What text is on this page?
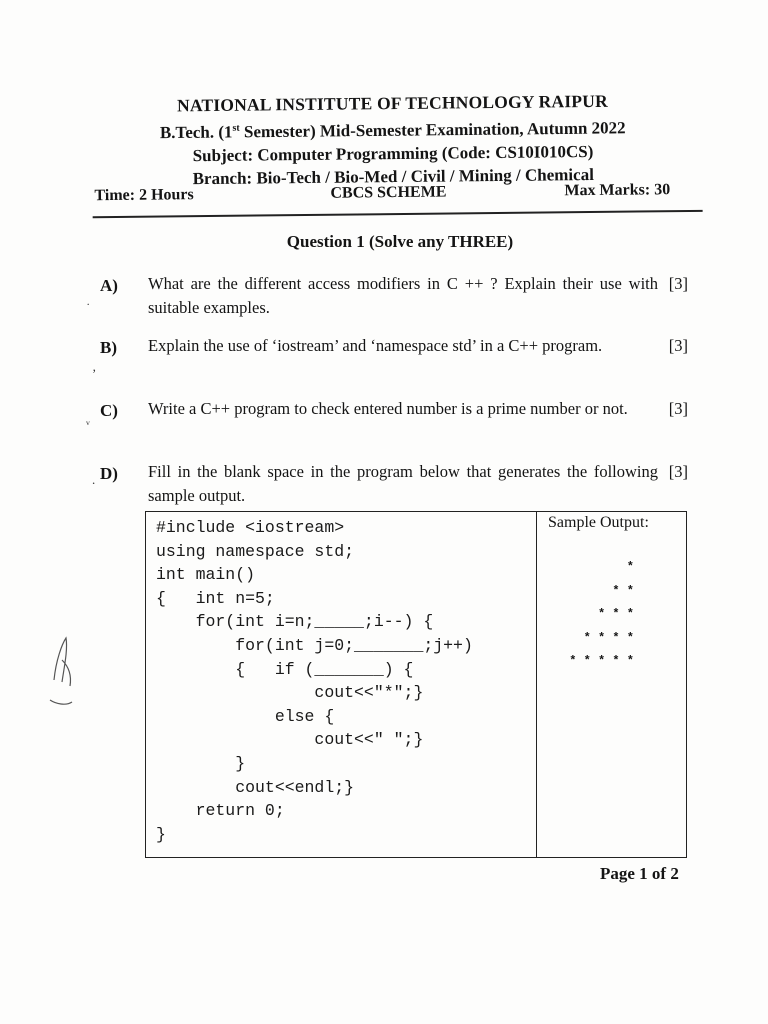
NATIONAL INSTITUTE OF TECHNOLOGY RAIPUR
B.Tech. (1st Semester) Mid-Semester Examination, Autumn 2022
Subject: Computer Programming (Code: CS10I010CS)
Branch: Bio-Tech / Bio-Med / Civil / Mining / Chemical
Time: 2 Hours	CBCS SCHEME	Max Marks: 30
Question 1 (Solve any THREE)
A) What are the different access modifiers in C ++ ? Explain their use with suitable examples.
[3]
B) Explain the use of ‘iostream’ and ‘namespace std’ in a C++ program.	[3]
C) Write a C++ program to check entered number is a prime number or not.	[3]
D) Fill in the blank space in the program below that generates the following sample output.
[3]
˙
ʼ
ᵥ
.
#include <iostream>
using namespace std;
int main()
{   int n=5;
for(int i=n;_____;i--) {
for(int j=0;_______;j++)
{   if (_______) {
cout<<"*";}
else {
cout<<" ";}
}
cout<<endl;}
return 0;
}
Sample Output:
*
* *
* * *
* * * *
* * * * *
Page 1 of 2
